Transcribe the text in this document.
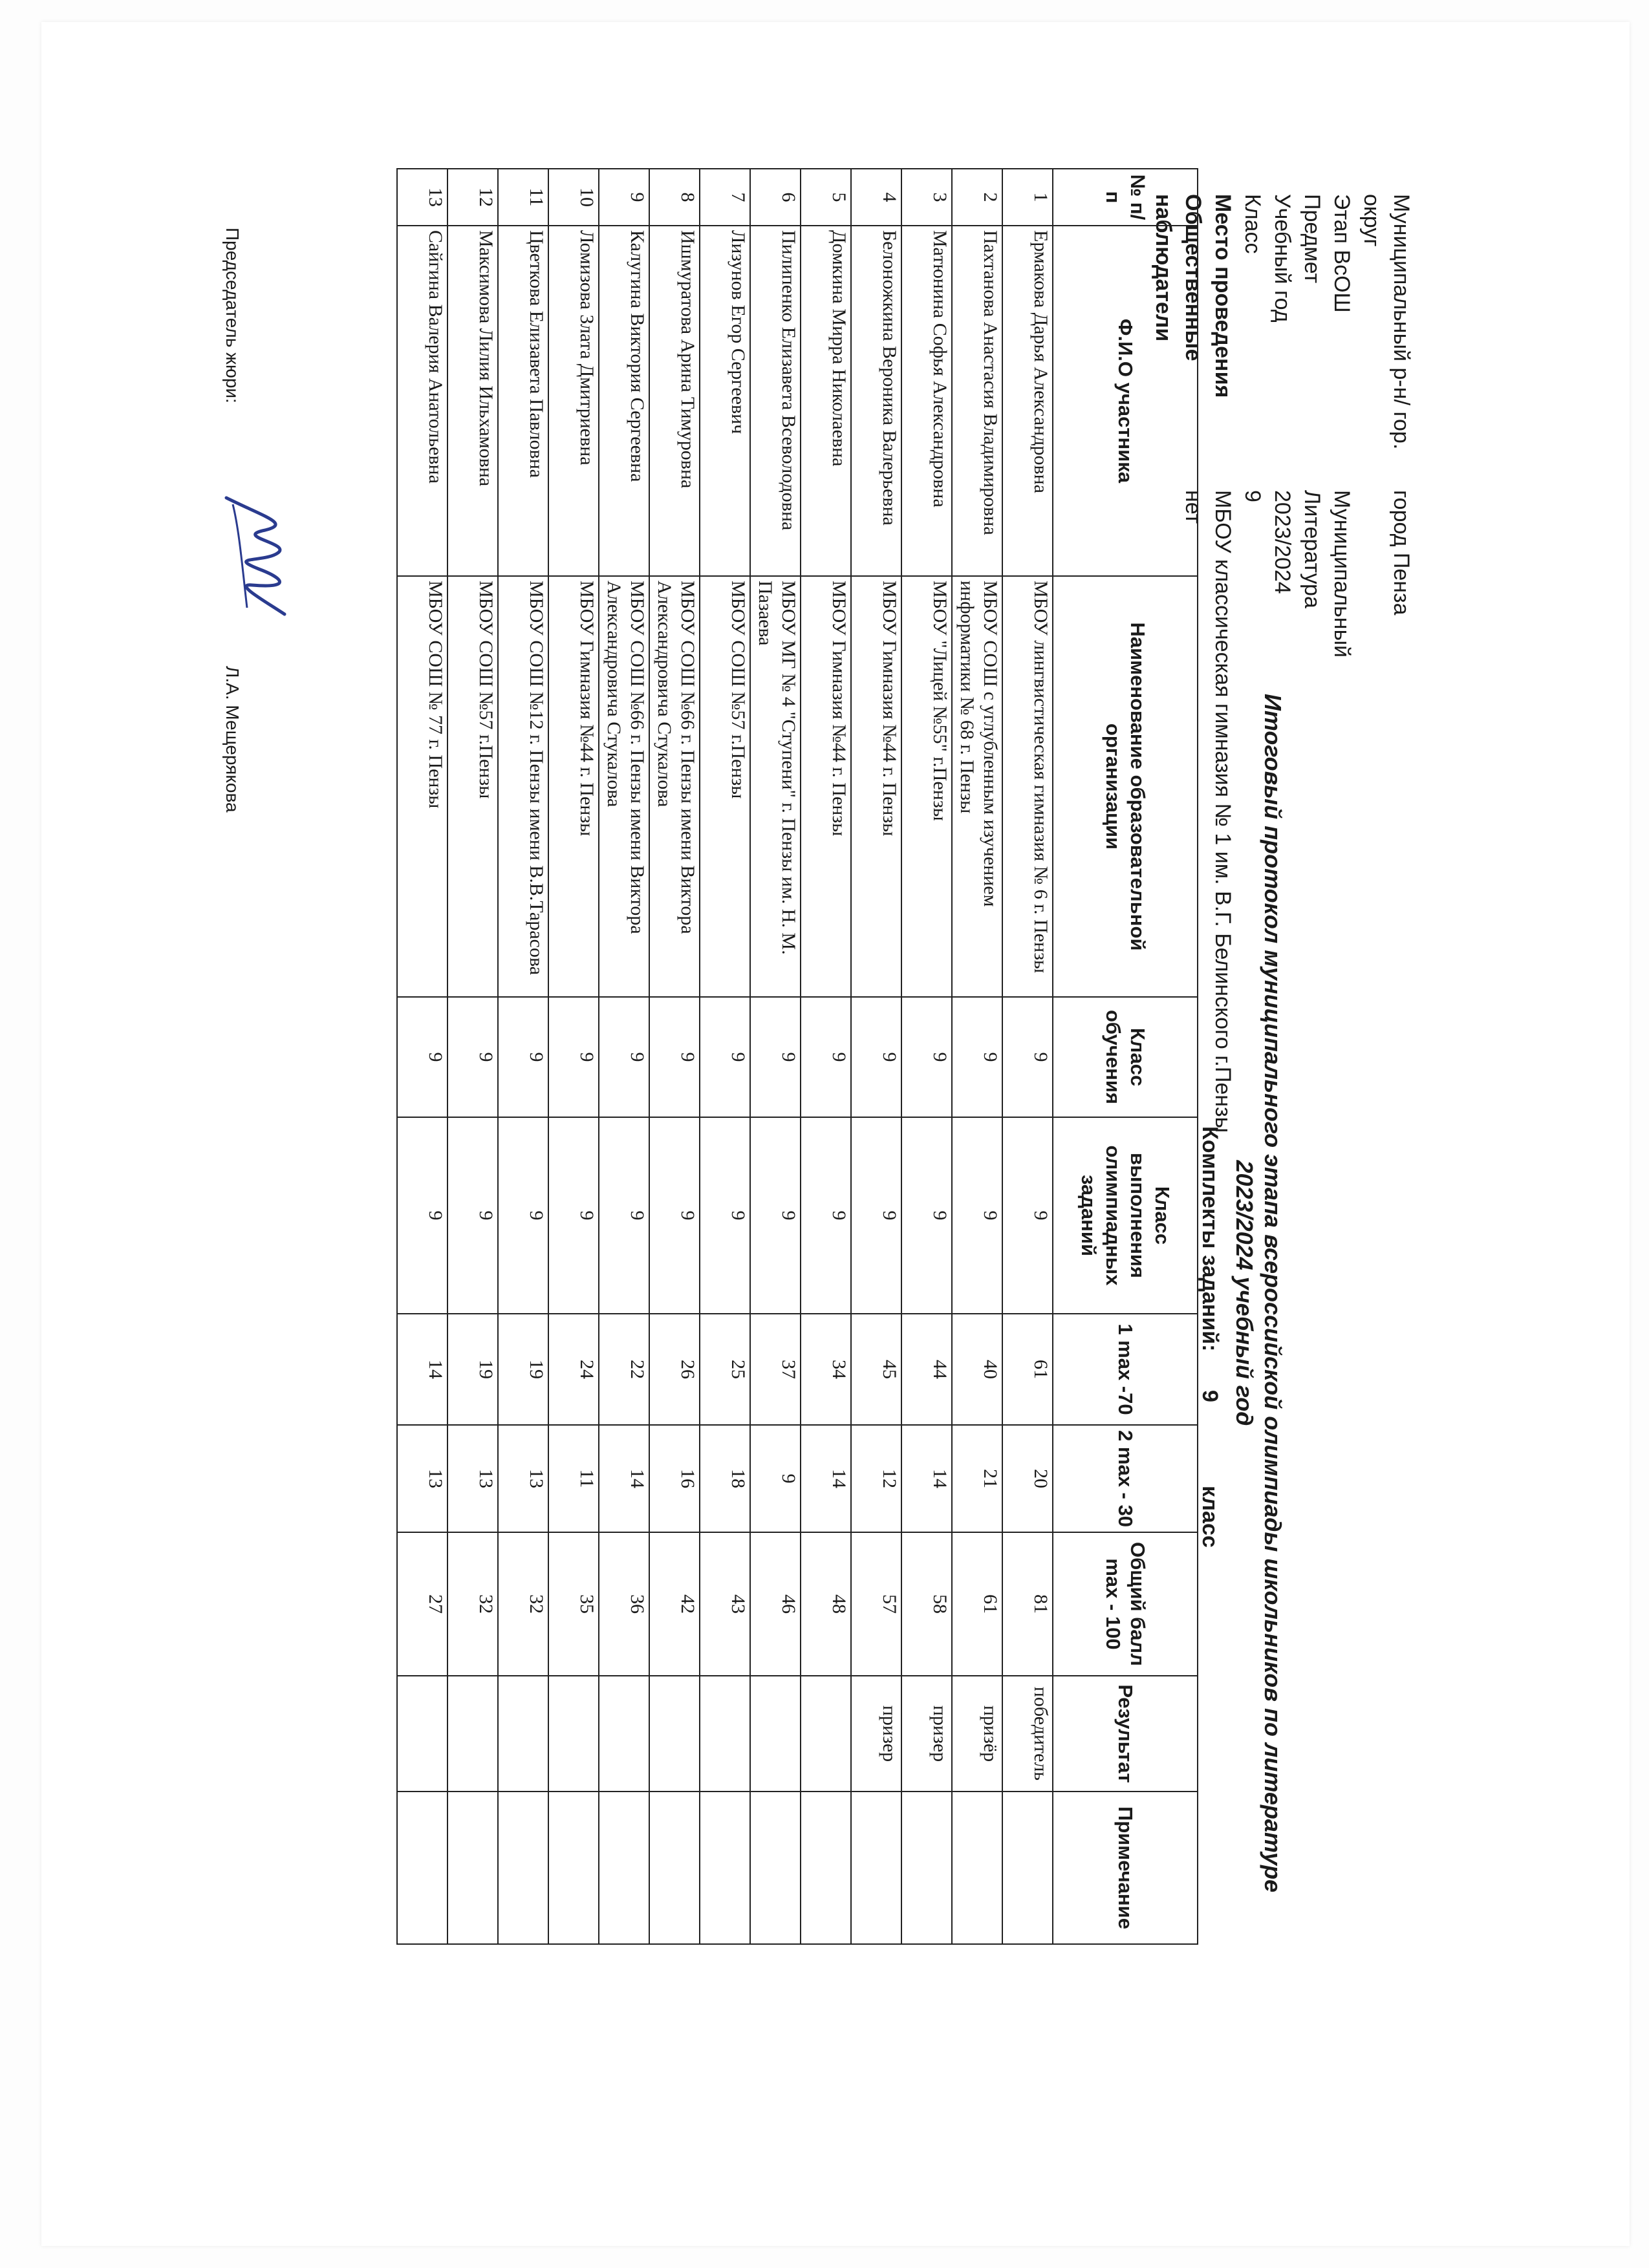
Муниципальный р-н/ гор. округ
город Пенза
Этап ВсОШ
Муниципальный
Предмет
Литература
Учебный год
2023/2024
Класс
9
Место проведения
МБОУ классическая гимназия № 1 им. В.Г. Белинского г.Пензы
Общественные наблюдатели
нет
Итоговый протокол муниципального этапа всероссийской олимпиады школьников по литературе
2023/2024 учебный год
Комплекты заданий:
9
класс
№ п/п	Ф.И.О участника	Наименование образовательной организации	Класс обучения	Класс выполнения олимпиадных заданий	1 max -70	2 max - 30	Общий балл max - 100	Результат	Примечание
1	Ермакова Дарья Александровна	МБОУ лингвистическая гимназия № 6 г. Пензы	9	9	61	20	81	победитель	
2	Пахтанова Анастасия Владимировна	МБОУ СОШ с углубленным изучением информатики № 68 г. Пензы	9	9	40	21	61	призёр	
3	Матюнина Софья Александровна	МБОУ "Лицей №55" г.Пензы	9	9	44	14	58	призер	
4	Белоножкина Вероника Валерьевна	МБОУ Гимназия №44 г. Пензы	9	9	45	12	57	призер	
5	Домкина Мирра Николаевна	МБОУ Гимназия №44 г. Пензы	9	9	34	14	48		
6	Пилипенко Елизавета Всеволодовна	МБОУ МГ № 4 "Ступени" г. Пензы им. Н. М. Пазаева	9	9	37	9	46		
7	Лизунов Егор Сергеевич	МБОУ СОШ №57 г.Пензы	9	9	25	18	43		
8	Ишмуратова Арина Тимуровна	МБОУ СОШ №66 г. Пензы имени Виктора Александровича Стукалова	9	9	26	16	42		
9	Калугина Виктория Сергеевна	МБОУ СОШ №66 г. Пензы имени Виктора Александровича Стукалова	9	9	22	14	36		
10	Ломизова Злата Дмитриевна	МБОУ Гимназия №44 г. Пензы	9	9	24	11	35		
11	Цветкова Елизавета Павловна	МБОУ СОШ №12 г. Пензы имени В.В.Тарасова	9	9	19	13	32		
12	Максимова Лилия Ильхамовна	МБОУ СОШ №57 г.Пензы	9	9	19	13	32		
13	Сайгина Валерия Анатольевна	МБОУ СОШ № 77 г. Пензы	9	9	14	13	27		
Председатель жюри:
Л.А. Мещерякова
